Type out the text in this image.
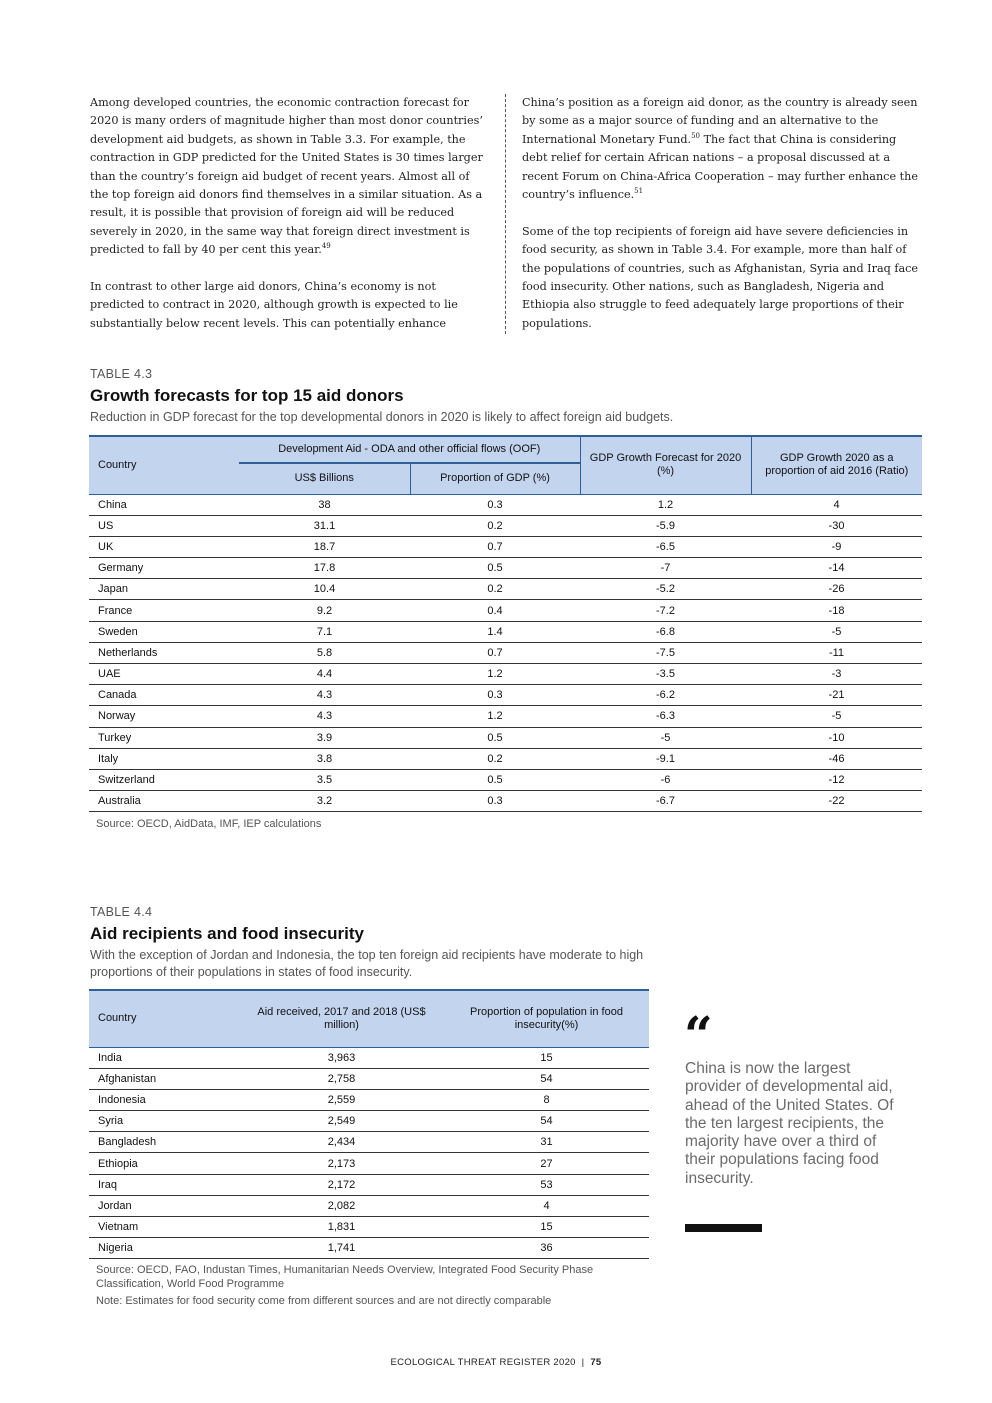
Among developed countries, the economic contraction forecast for 2020 is many orders of magnitude higher than most donor countries’ development aid budgets, as shown in Table 3.3. For example, the contraction in GDP predicted for the United States is 30 times larger than the country’s foreign aid budget of recent years. Almost all of the top foreign aid donors find themselves in a similar situation. As a result, it is possible that provision of foreign aid will be reduced severely in 2020, in the same way that foreign direct investment is predicted to fall by 40 per cent this year.$^{49}$

In contrast to other large aid donors, China’s economy is not predicted to contract in 2020, although growth is expected to lie substantially below recent levels. This can potentially enhance

China’s position as a foreign aid donor, as the country is already seen by some as a major source of funding and an alternative to the International Monetary Fund.$^{50}$ The fact that China is considering debt relief for certain African nations – a proposal discussed at a recent Forum on China-Africa Cooperation – may further enhance the country’s influence.$^{51}$

Some of the top recipients of foreign aid have severe deficiencies in food security, as shown in Table 3.4. For example, more than half of the populations of countries, such as Afghanistan, Syria and Iraq face food insecurity. Other nations, such as Bangladesh, Nigeria and Ethiopia also struggle to feed adequately large proportions of their populations.

TABLE 4.3
Growth forecasts for top 15 aid donors
Reduction in GDP forecast for the top developmental donors in 2020 is likely to affect foreign aid budgets.
Country	Development Aid - ODA and other official flows (OOF)		GDP Growth Forecast for 2020 (%)	GDP Growth 2020 as a proportion of aid 2016 (Ratio)
	US$ Billions	Proportion of GDP (%)		
China	38	0.3	1.2	4
US	31.1	0.2	-5.9	-30
UK	18.7	0.7	-6.5	-9
Germany	17.8	0.5	-7	-14
Japan	10.4	0.2	-5.2	-26
France	9.2	0.4	-7.2	-18
Sweden	7.1	1.4	-6.8	-5
Netherlands	5.8	0.7	-7.5	-11
UAE	4.4	1.2	-3.5	-3
Canada	4.3	0.3	-6.2	-21
Norway	4.3	1.2	-6.3	-5
Turkey	3.9	0.5	-5	-10
Italy	3.8	0.2	-9.1	-46
Switzerland	3.5	0.5	-6	-12
Australia	3.2	0.3	-6.7	-22
Source: OECD, AidData, IMF, IEP calculations
TABLE 4.4
Aid recipients and food insecurity
With the exception of Jordan and Indonesia, the top ten foreign aid recipients have moderate to high proportions of their populations in states of food insecurity.
Country	Aid received, 2017 and 2018 (US$ million)	Proportion of population in food insecurity(%)
India	3,963	15
Afghanistan	2,758	54
Indonesia	2,559	8
Syria	2,549	54
Bangladesh	2,434	31
Ethiopia	2,173	27
Iraq	2,172	53
Jordan	2,082	4
Vietnam	1,831	15
Nigeria	1,741	36
Source: OECD, FAO, Industan Times, Humanitarian Needs Overview, Integrated Food Security Phase Classification, World Food Programme
Note: Estimates for food security come from different sources and are not directly comparable
“
China is now the largest provider of developmental aid, ahead of the United States. Of the ten largest recipients, the majority have over a third of their populations facing food insecurity.
ECOLOGICAL THREAT REGISTER 2020 | 75
